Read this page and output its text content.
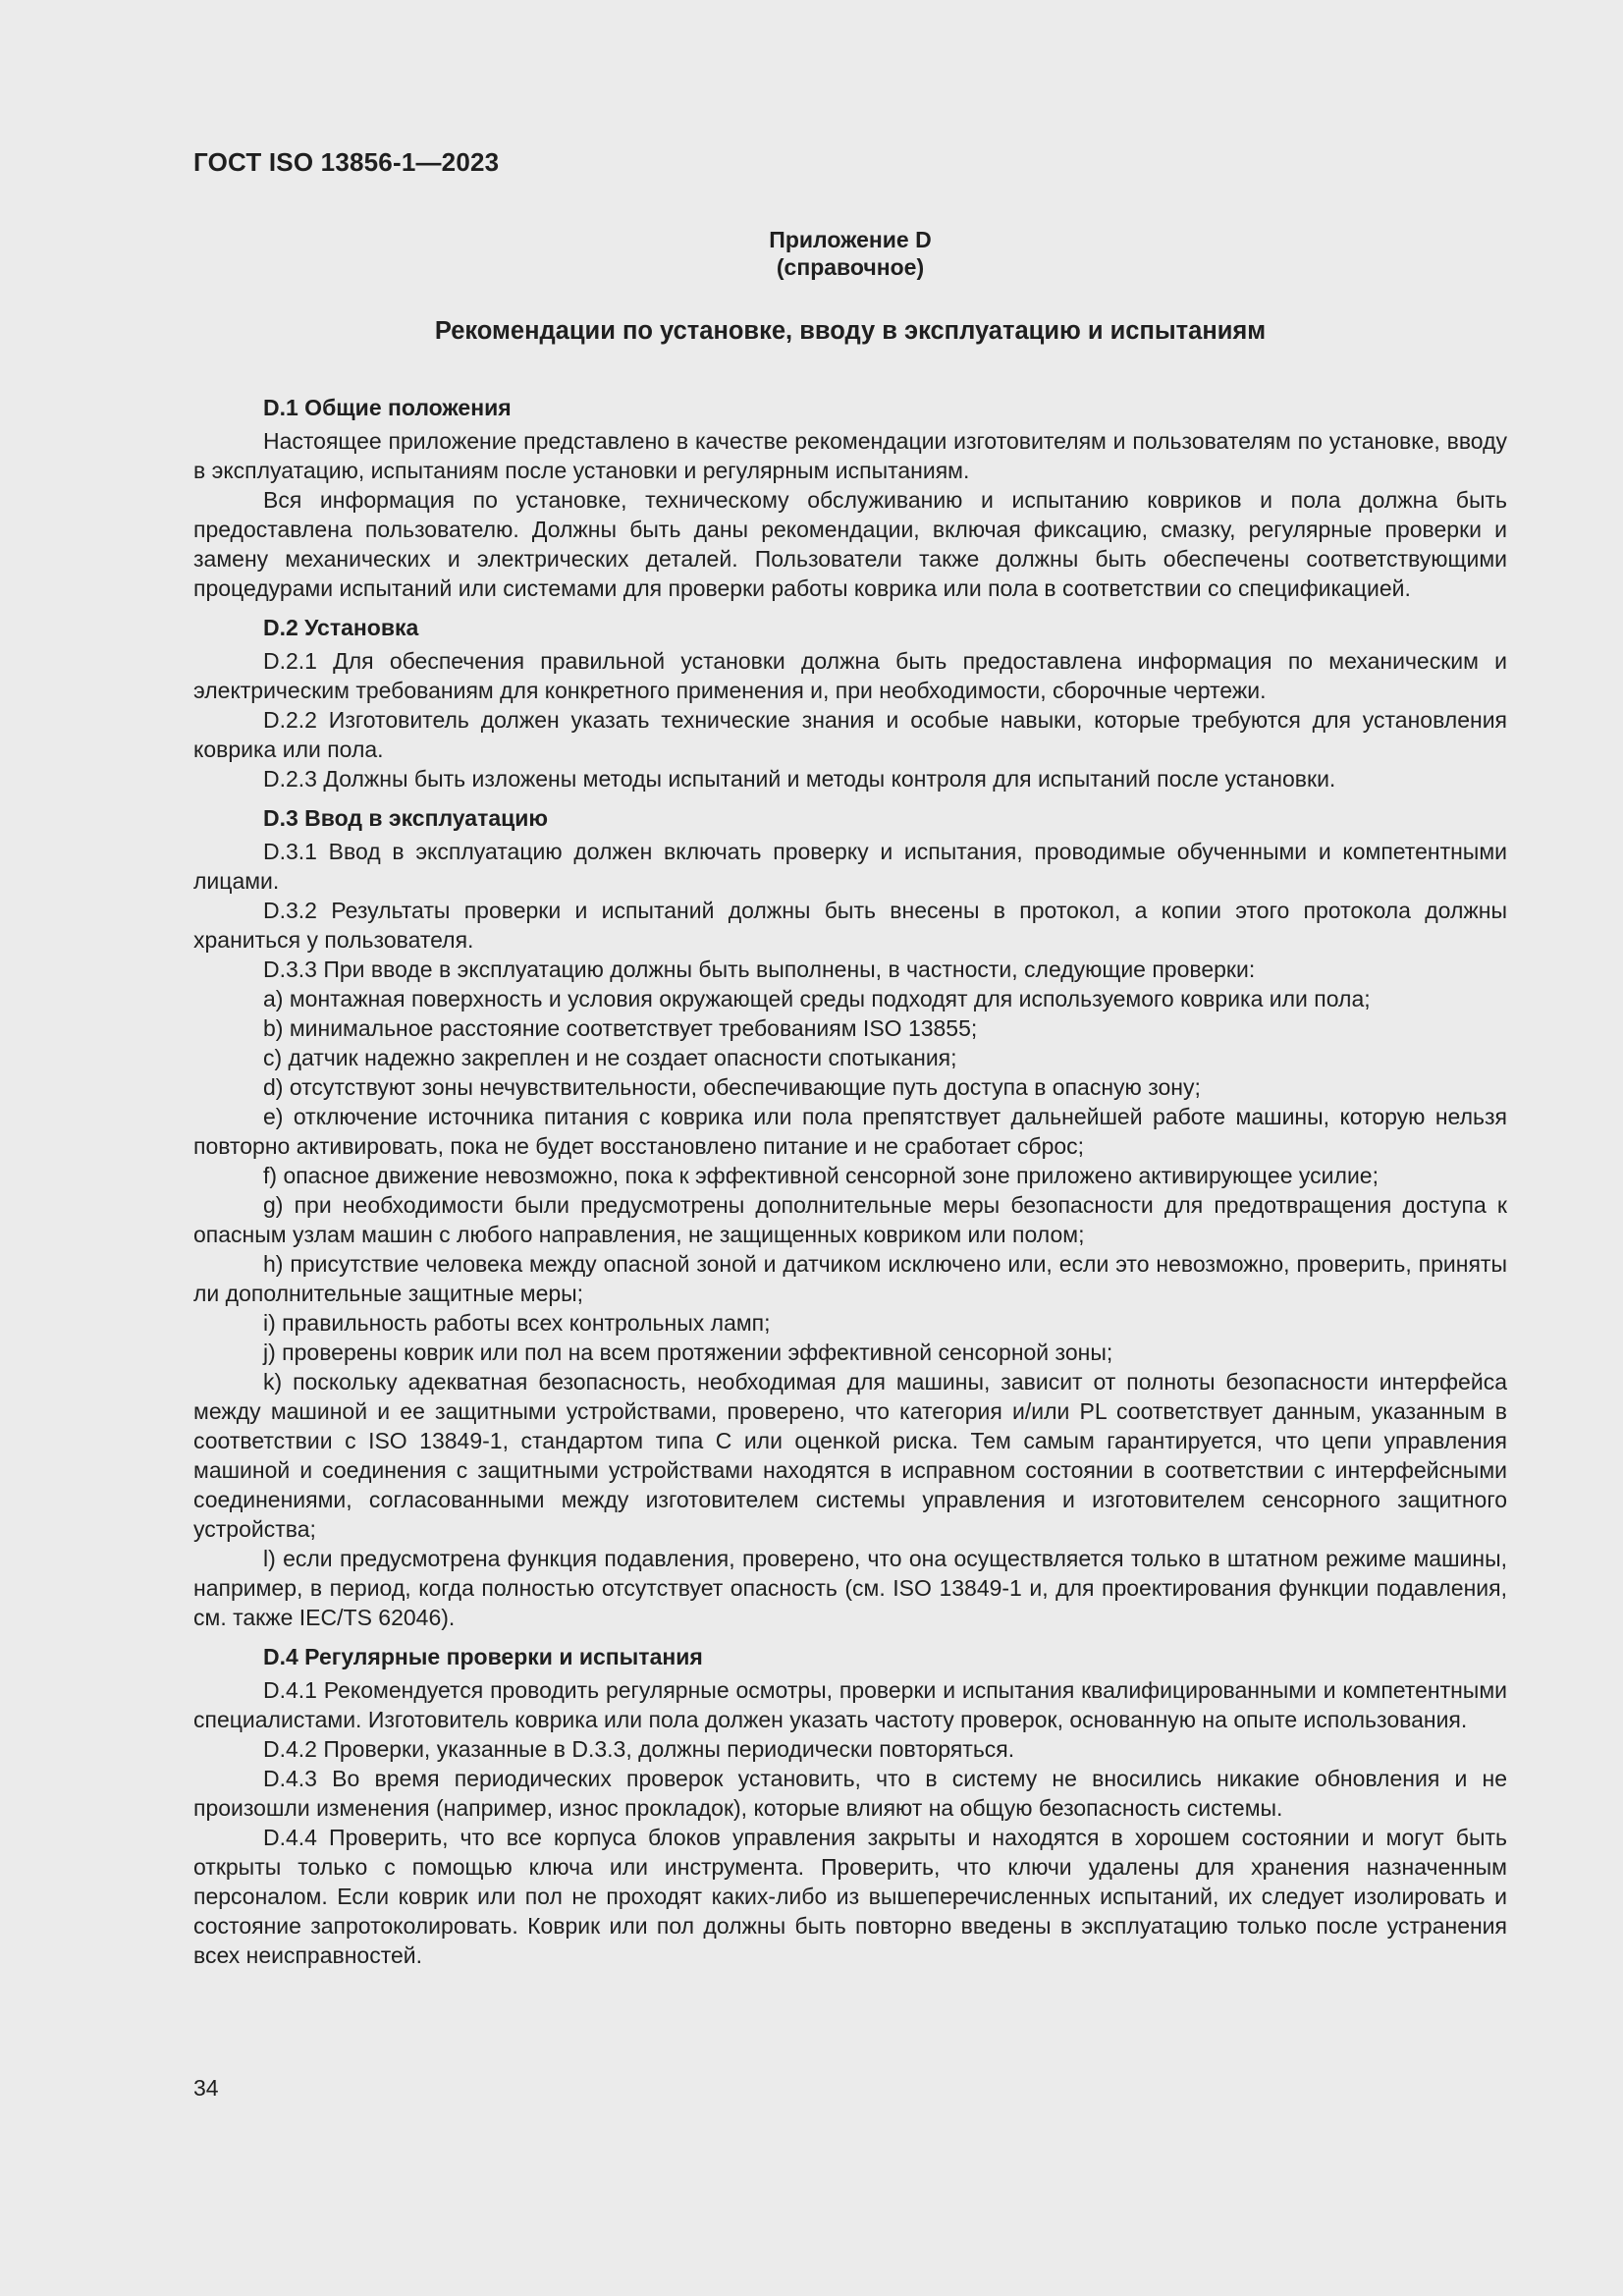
ГОСТ ISO 13856-1—2023
Приложение D
(справочное)
Рекомендации по установке, вводу в эксплуатацию и испытаниям
D.1 Общие положения

Настоящее приложение представлено в качестве рекомендации изготовителям и пользователям по установке, вводу в эксплуатацию, испытаниям после установки и регулярным испытаниям.

Вся информация по установке, техническому обслуживанию и испытанию ковриков и пола должна быть предоставлена пользователю. Должны быть даны рекомендации, включая фиксацию, смазку, регулярные проверки и замену механических и электрических деталей. Пользователи также должны быть обеспечены соответствующими процедурами испытаний или системами для проверки работы коврика или пола в соответствии со спецификацией.

D.2 Установка

D.2.1 Для обеспечения правильной установки должна быть предоставлена информация по механическим и электрическим требованиям для конкретного применения и, при необходимости, сборочные чертежи.

D.2.2 Изготовитель должен указать технические знания и особые навыки, которые требуются для установления коврика или пола.

D.2.3 Должны быть изложены методы испытаний и методы контроля для испытаний после установки.

D.3 Ввод в эксплуатацию

D.3.1 Ввод в эксплуатацию должен включать проверку и испытания, проводимые обученными и компетентными лицами.

D.3.2 Результаты проверки и испытаний должны быть внесены в протокол, а копии этого протокола должны храниться у пользователя.

D.3.3 При вводе в эксплуатацию должны быть выполнены, в частности, следующие проверки:

a) монтажная поверхность и условия окружающей среды подходят для используемого коврика или пола;

b) минимальное расстояние соответствует требованиям ISO 13855;

c) датчик надежно закреплен и не создает опасности спотыкания;

d) отсутствуют зоны нечувствительности, обеспечивающие путь доступа в опасную зону;

e) отключение источника питания с коврика или пола препятствует дальнейшей работе машины, которую нельзя повторно активировать, пока не будет восстановлено питание и не сработает сброс;

f) опасное движение невозможно, пока к эффективной сенсорной зоне приложено активирующее усилие;

g) при необходимости были предусмотрены дополнительные меры безопасности для предотвращения доступа к опасным узлам машин с любого направления, не защищенных ковриком или полом;

h) присутствие человека между опасной зоной и датчиком исключено или, если это невозможно, проверить, приняты ли дополнительные защитные меры;

i) правильность работы всех контрольных ламп;

j) проверены коврик или пол на всем протяжении эффективной сенсорной зоны;

k) поскольку адекватная безопасность, необходимая для машины, зависит от полноты безопасности интерфейса между машиной и ее защитными устройствами, проверено, что категория и/или PL соответствует данным, указанным в соответствии с ISO 13849-1, стандартом типа C или оценкой риска. Тем самым гарантируется, что цепи управления машиной и соединения с защитными устройствами находятся в исправном состоянии в соответствии с интерфейсными соединениями, согласованными между изготовителем системы управления и изготовителем сенсорного защитного устройства;

l) если предусмотрена функция подавления, проверено, что она осуществляется только в штатном режиме машины, например, в период, когда полностью отсутствует опасность (см. ISO 13849-1 и, для проектирования функции подавления, см. также IEC/TS 62046).

D.4 Регулярные проверки и испытания

D.4.1 Рекомендуется проводить регулярные осмотры, проверки и испытания квалифицированными и компетентными специалистами. Изготовитель коврика или пола должен указать частоту проверок, основанную на опыте использования.

D.4.2 Проверки, указанные в D.3.3, должны периодически повторяться.

D.4.3 Во время периодических проверок установить, что в систему не вносились никакие обновления и не произошли изменения (например, износ прокладок), которые влияют на общую безопасность системы.

D.4.4 Проверить, что все корпуса блоков управления закрыты и находятся в хорошем состоянии и могут быть открыты только с помощью ключа или инструмента. Проверить, что ключи удалены для хранения назначенным персоналом. Если коврик или пол не проходят каких-либо из вышеперечисленных испытаний, их следует изолировать и состояние запротоколировать. Коврик или пол должны быть повторно введены в эксплуатацию только после устранения всех неисправностей.

34
